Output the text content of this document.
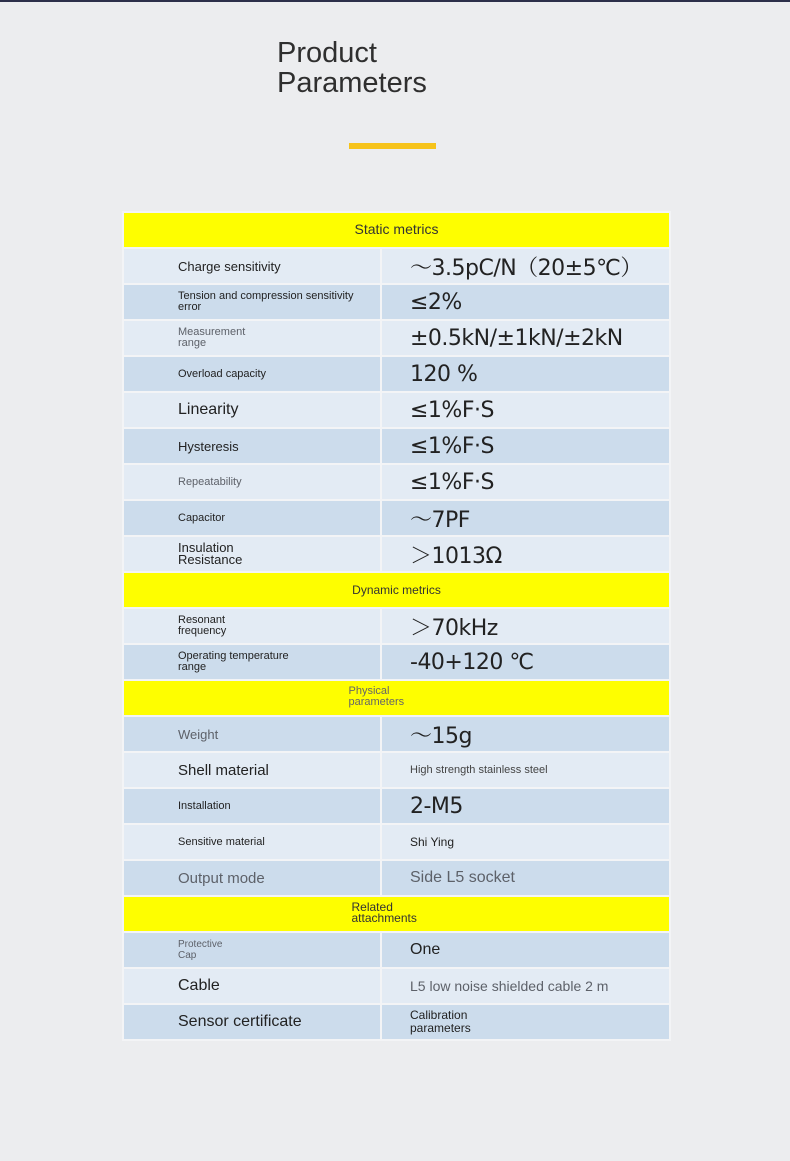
Product Parameters
Static metrics	

Charge sensitivity	～3.5pC/N（20±5℃）

Tension and compression sensitivity error	≤2%

Measurement range	±0.5kN/±1kN/±2kN

Overload capacity	120 %

Linearity	≤1%F·S

Hysteresis	≤1%F·S

Repeatability	≤1%F·S

Capacitor	～7PF

Insulation Resistance	＞1013Ω

Dynamic metrics	

Resonant frequency	＞70kHz

Operating temperature range	-40+120 ℃

Physical parameters	

Weight	～15g

Shell material	High strength stainless steel

Installation	2-M5

Sensitive material	Shi Ying

Output mode	Side L5 socket

Related attachments	

Protective Cap	One

Cable	L5 low noise shielded cable 2 m

Sensor certificate	Calibration parameters
